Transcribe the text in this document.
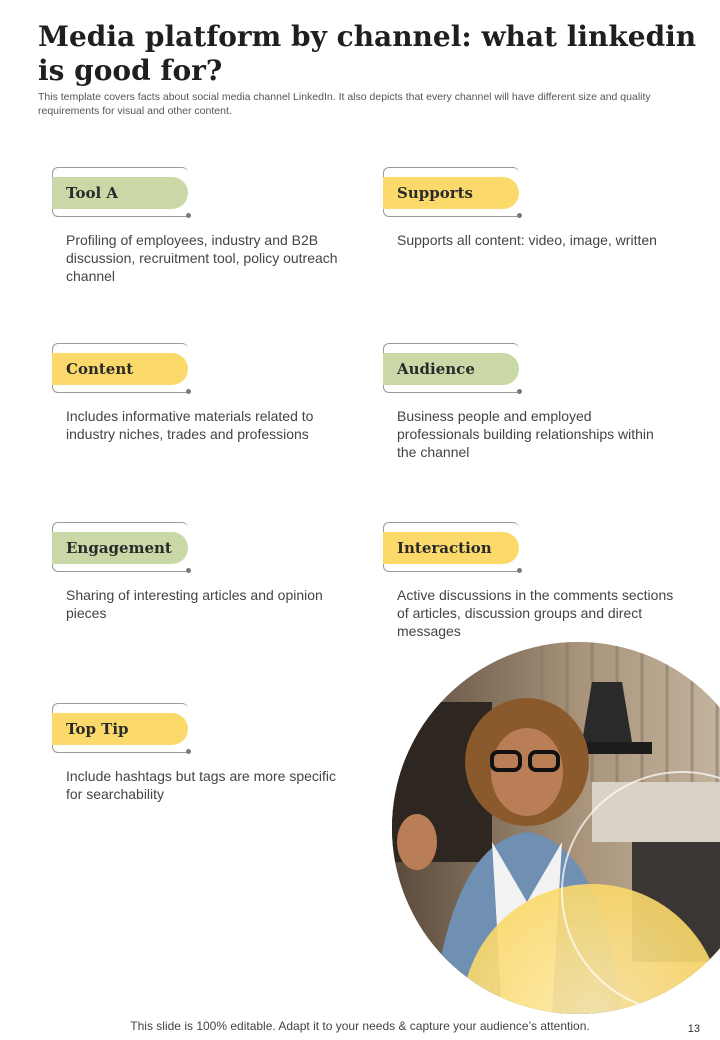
Media platform by channel: what linkedin is good for?
This template covers facts about social media channel LinkedIn. It also depicts that every channel will have different size and quality requirements for visual and other content.
Tool A
Profiling of employees, industry and B2B discussion, recruitment tool, policy outreach channel
Supports
Supports all content: video, image, written
Content
Includes informative materials related to industry niches, trades and professions
Audience
Business people and employed professionals building relationships within the channel
Engagement
Sharing of interesting articles and opinion pieces
Interaction
Active discussions in the comments sections of articles, discussion groups and direct messages
Top Tip
Include hashtags but tags are more specific for searchability
This slide is 100% editable. Adapt it to your needs & capture your audience’s attention.	13
